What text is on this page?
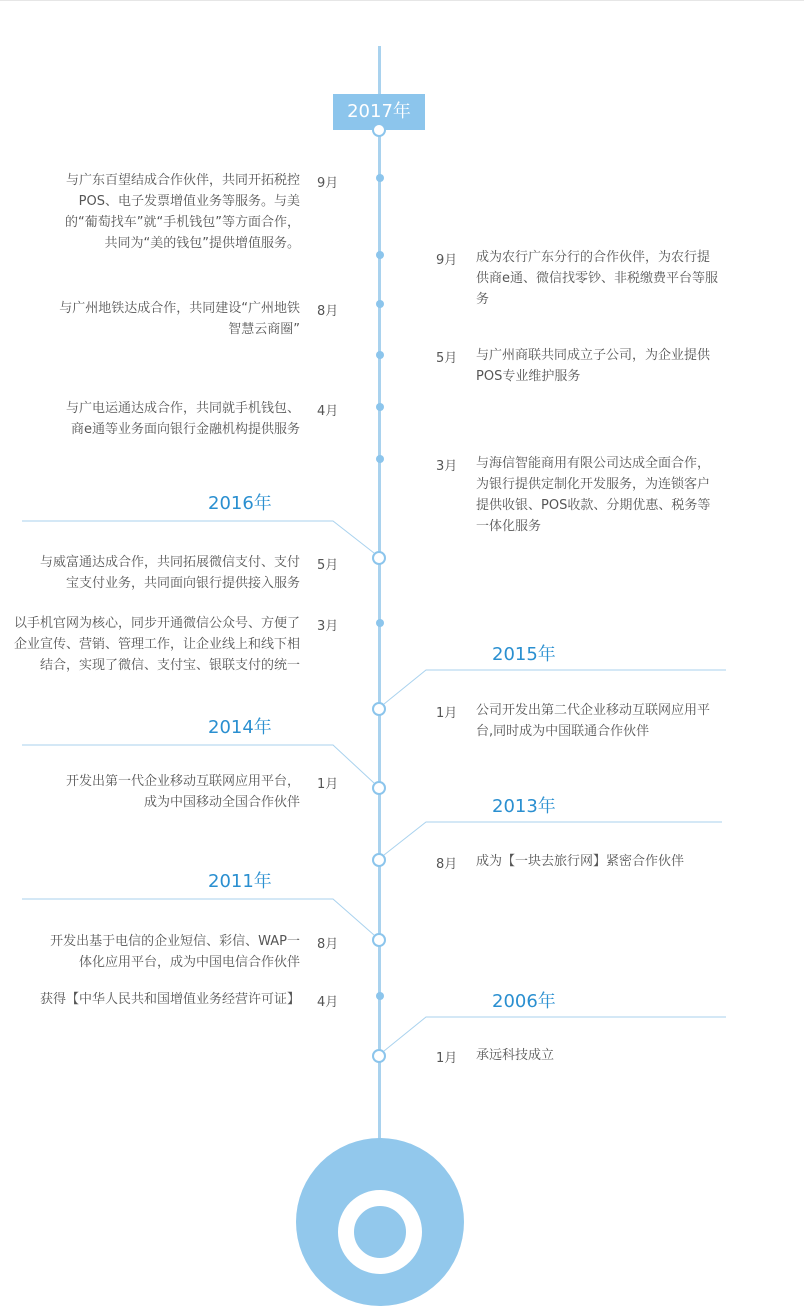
2017年
9月
与广东百望结成合作伙伴，共同开拓税控POS、电子发票增值业务等服务。与美的“葡萄找车”就“手机钱包”等方面合作，共同为“美的钱包”提供增值服务。
9月 成为农行广东分行的合作伙伴，为农行提供商e通、微信找零钞、非税缴费平台等服务
8月
与广州地铁达成合作，共同建设“广州地铁智慧云商圈”
5月 与广州商联共同成立子公司，为企业提供POS专业维护服务
4月
与广电运通达成合作，共同就手机钱包、商e通等业务面向银行金融机构提供服务
3月 与海信智能商用有限公司达成全面合作，为银行提供定制化开发服务，为连锁客户提供收银、POS收款、分期优惠、税务等一体化服务
2016年
5月
与威富通达成合作，共同拓展微信支付、支付宝支付业务，共同面向银行提供接入服务
3月
以手机官网为核心，同步开通微信公众号、方便了企业宣传、营销、管理工作，让企业线上和线下相结合，实现了微信、支付宝、银联支付的统一
2015年
1月 公司开发出第二代企业移动互联网应用平台,同时成为中国联通合作伙伴
2014年
1月
开发出第一代企业移动互联网应用平台，成为中国移动全国合作伙伴	2013年
8月 成为【一块去旅行网】紧密合作伙伴
2011年
8月
开发出基于电信的企业短信、彩信、WAP一体化应用平台，成为中国电信合作伙伴
4月
获得【中华人民共和国增值业务经营许可证】	2006年
1月 承远科技成立
